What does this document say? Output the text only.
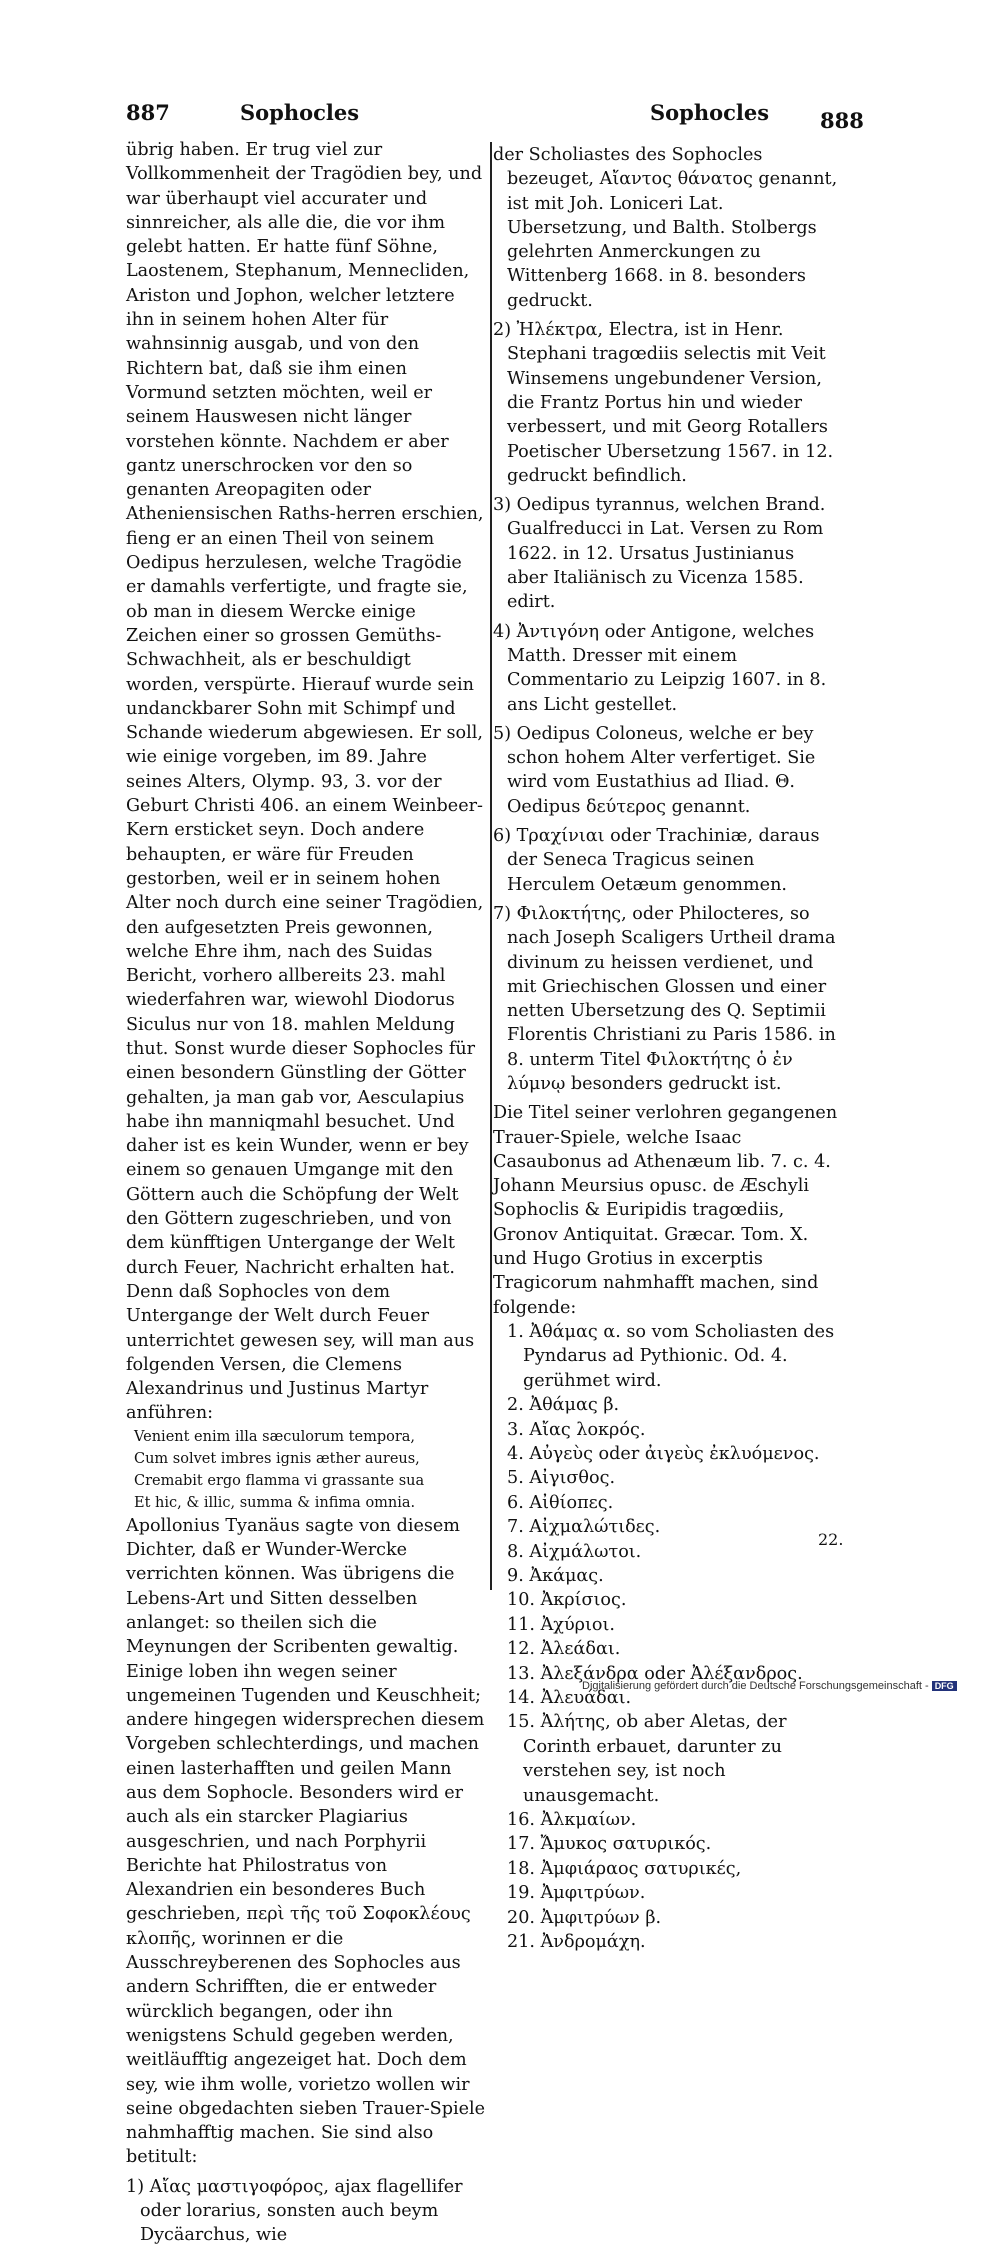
887	Sophocles	Sophocles 888

übrig haben. Er trug viel zur Vollkommenheit der Tragödien bey, und war überhaupt viel accurater und sinnreicher, als alle die, die vor ihm gelebt hatten. Er hatte fünf Söhne, Laostenem, Stephanum, Mennecliden, Ariston und Jophon, welcher letztere ihn in seinem hohen Alter für wahnsinnig ausgab, und von den Richtern bat, daß sie ihm einen Vormund setzten möchten, weil er seinem Hauswesen nicht länger vorstehen könnte. Nachdem er aber gantz unerschrocken vor den so genanten Areopagiten oder Atheniensischen Raths-herren erschien, fieng er an einen Theil von seinem Oedipus herzulesen, welche Tragödie er damahls verfertigte, und fragte sie, ob man in diesem Wercke einige Zeichen einer so grossen Gemüths-Schwachheit, als er beschuldigt worden, verspürte. Hierauf wurde sein undanckbarer Sohn mit Schimpf und Schande wiederum abgewiesen. Er soll, wie einige vorgeben, im 89. Jahre seines Alters, Olymp. 93, 3. vor der Geburt Christi 406. an einem Weinbeer-Kern ersticket seyn. Doch andere behaupten, er wäre für Freuden gestorben, weil er in seinem hohen Alter noch durch eine seiner Tragödien, den aufgesetzten Preis gewonnen, welche Ehre ihm, nach des Suidas Bericht, vorhero allbereits 23. mahl wiederfahren war, wiewohl Diodorus Siculus nur von 18. mahlen Meldung thut. Sonst wurde dieser Sophocles für einen besondern Günstling der Götter gehalten, ja man gab vor, Aesculapius habe ihn manniqmahl besuchet. Und daher ist es kein Wunder, wenn er bey einem so genauen Umgange mit den Göttern auch die Schöpfung der Welt den Göttern zugeschrieben, und von dem künfftigen Untergange der Welt durch Feuer, Nachricht erhalten hat. Denn daß Sophocles von dem Untergange der Welt durch Feuer unterrichtet gewesen sey, will man aus folgenden Versen, die Clemens Alexandrinus und Justinus Martyr anführen:

Venient enim illa sæculorum tempora,

Cum solvet imbres ignis æther aureus,

Cremabit ergo flamma vi grassante sua

Et hic, & illic, summa & infima omnia.

Apollonius Tyanäus sagte von diesem Dichter, daß er Wunder-Wercke verrichten können. Was übrigens die Lebens-Art und Sitten desselben anlanget: so theilen sich die Meynungen der Scribenten gewaltig. Einige loben ihn wegen seiner ungemeinen Tugenden und Keuschheit; andere hingegen widersprechen diesem Vorgeben schlechterdings, und machen einen lasterhafften und geilen Mann aus dem Sophocle. Besonders wird er auch als ein starcker Plagiarius ausgeschrien, und nach Porphyrii Berichte hat Philostratus von Alexandrien ein besonderes Buch geschrieben, περὶ τῆς τοῦ Σοφοκλέους κλοπῆς, worinnen er die Ausschreyberenen des Sophocles aus andern Schrifften, die er entweder würcklich begangen, oder ihn wenigstens Schuld gegeben werden, weitläufftig angezeiget hat. Doch dem sey, wie ihm wolle, vorietzo wollen wir seine obgedachten sieben Trauer-Spiele nahmhafftig machen. Sie sind also betitult:

1) Αἴας μαστιγοφόρος, ajax flagellifer oder lorarius, sonsten auch beym Dycäarchus, wie

der Scholiastes des Sophocles bezeuget, Αἴαντος θάνατος genannt, ist mit Joh. Loniceri Lat. Ubersetzung, und Balth. Stolbergs gelehrten Anmerckungen zu Wittenberg 1668. in 8. besonders gedruckt.

2) Ἠλέκτρα, Electra, ist in Henr. Stephani tragœdiis selectis mit Veit Winsemens ungebundener Version, die Frantz Portus hin und wieder verbessert, und mit Georg Rotallers Poetischer Ubersetzung 1567. in 12. gedruckt befindlich.

3) Oedipus tyrannus, welchen Brand. Gualfreducci in Lat. Versen zu Rom 1622. in 12. Ursatus Justinianus aber Italiänisch zu Vicenza 1585. edirt.

4) Ἀντιγόνη oder Antigone, welches Matth. Dresser mit einem Commentario zu Leipzig 1607. in 8. ans Licht gestellet.

5) Oedipus Coloneus, welche er bey schon hohem Alter verfertiget. Sie wird vom Eustathius ad Iliad. Θ. Oedipus δεύτερος genannt.

6) Τραχίνιαι oder Trachiniæ, daraus der Seneca Tragicus seinen Herculem Oetæum genommen.

7) Φιλοκτήτης, oder Philocteres, so nach Joseph Scaligers Urtheil drama divinum zu heissen verdienet, und mit Griechischen Glossen und einer netten Ubersetzung des Q. Septimii Florentis Christiani zu Paris 1586. in 8. unterm Titel Φιλοκτήτης ὁ ἐν λύμνῳ besonders gedruckt ist.

Die Titel seiner verlohren gegangenen Trauer-Spiele, welche Isaac Casaubonus ad Athenæum lib. 7. c. 4. Johann Meursius opusc. de Æschyli Sophoclis & Euripidis tragœdiis, Gronov Antiquitat. Græcar. Tom. X. und Hugo Grotius in excerptis Tragicorum nahmhafft machen, sind folgende:

1. Ἀθάμας α. so vom Scholiasten des Pyndarus ad Pythionic. Od. 4. gerühmet wird.

2. Ἀθάμας β.

3. Αἴας λοκρός.

4. Αὐγεὺς oder ἀιγεὺς ἐκλυόμενος.

5. Αἰγισθος.

6. Αἰθίοπες.

7. Αἰχμαλώτιδες.

8. Αἰχμάλωτοι.

9. Ἀκάμας.

10. Ἀκρίσιος.

11. Ἀχύριοι.

12. Ἀλεάδαι.

13. Ἀλεξάνδρα oder Ἀλέξανδρος.

14. Ἀλευάδαι.

15. Ἀλήτης, ob aber Aletas, der Corinth erbauet, darunter zu verstehen sey, ist noch unausgemacht.

16. Ἀλκμαίων.

17. Ἄμυκος σατυρικός.

18. Ἀμφιάραος σατυρικές,

19. Ἀμφιτρύων.

20. Ἀμφιτρύων β.

21. Ἀνδρομάχη.

22.
Digitalisierung gefördert durch die Deutsche Forschungsgemeinschaft - DFG
